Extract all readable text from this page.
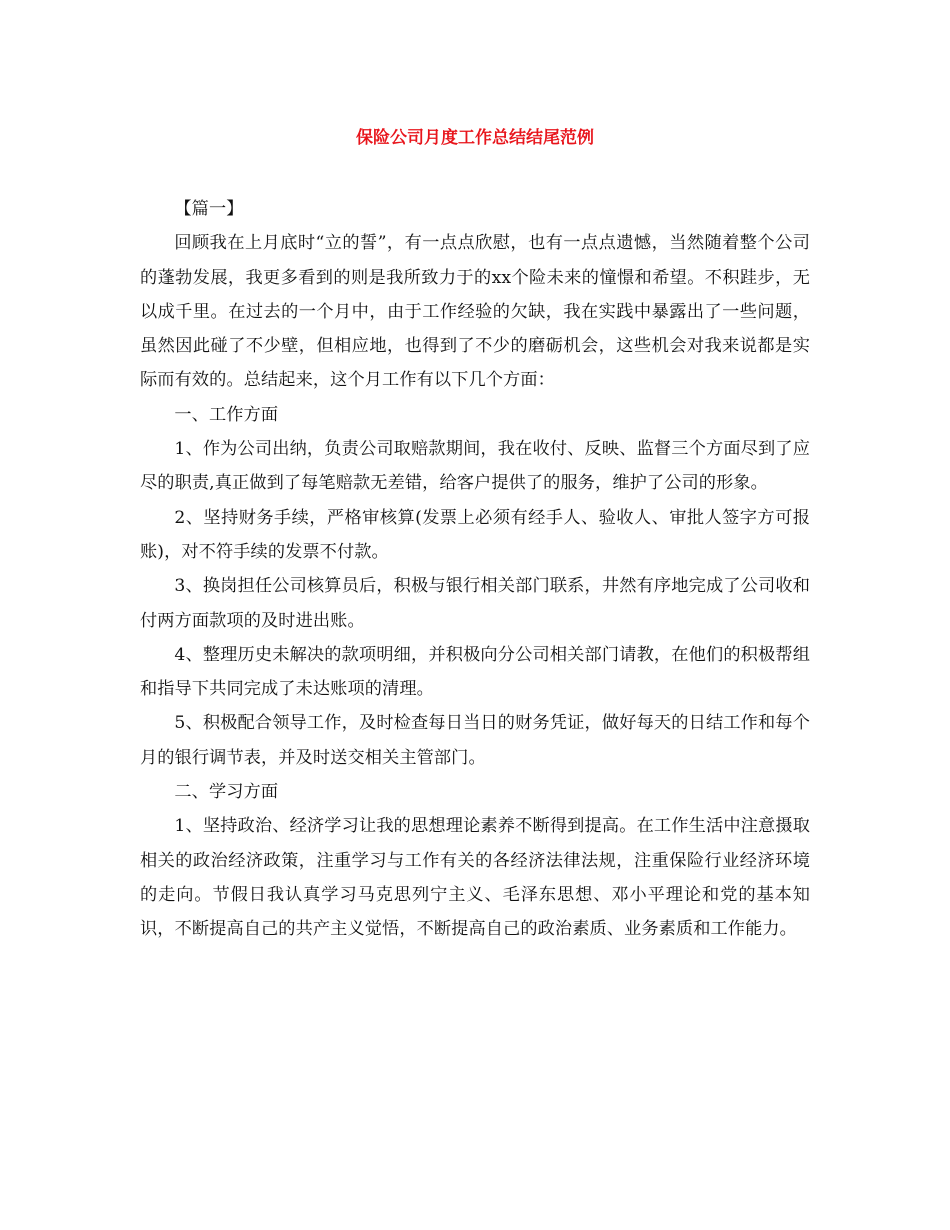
保险公司月度工作总结结尾范例

【篇一】

回顾我在上月底时“立的誓”，有一点点欣慰，也有一点点遗憾，当然随着整个公司的蓬勃发展，我更多看到的则是我所致力于的xx个险未来的憧憬和希望。不积跬步，无以成千里。在过去的一个月中，由于工作经验的欠缺，我在实践中暴露出了一些问题，虽然因此碰了不少壁，但相应地，也得到了不少的磨砺机会，这些机会对我来说都是实际而有效的。总结起来，这个月工作有以下几个方面：

一、工作方面

1、作为公司出纳，负责公司取赔款期间，我在收付、反映、监督三个方面尽到了应尽的职责,真正做到了每笔赔款无差错，给客户提供了的服务，维护了公司的形象。

2、坚持财务手续，严格审核算(发票上必须有经手人、验收人、审批人签字方可报账)，对不符手续的发票不付款。

3、换岗担任公司核算员后，积极与银行相关部门联系，井然有序地完成了公司收和付两方面款项的及时进出账。

4、整理历史未解决的款项明细，并积极向分公司相关部门请教，在他们的积极帮组和指导下共同完成了未达账项的清理。

5、积极配合领导工作，及时检查每日当日的财务凭证，做好每天的日结工作和每个月的银行调节表，并及时送交相关主管部门。

二、学习方面

1、坚持政治、经济学习让我的思想理论素养不断得到提高。在工作生活中注意摄取相关的政治经济政策，注重学习与工作有关的各经济法律法规，注重保险行业经济环境的走向。节假日我认真学习马克思列宁主义、毛泽东思想、邓小平理论和党的基本知识，不断提高自己的共产主义觉悟，不断提高自己的政治素质、业务素质和工作能力。
